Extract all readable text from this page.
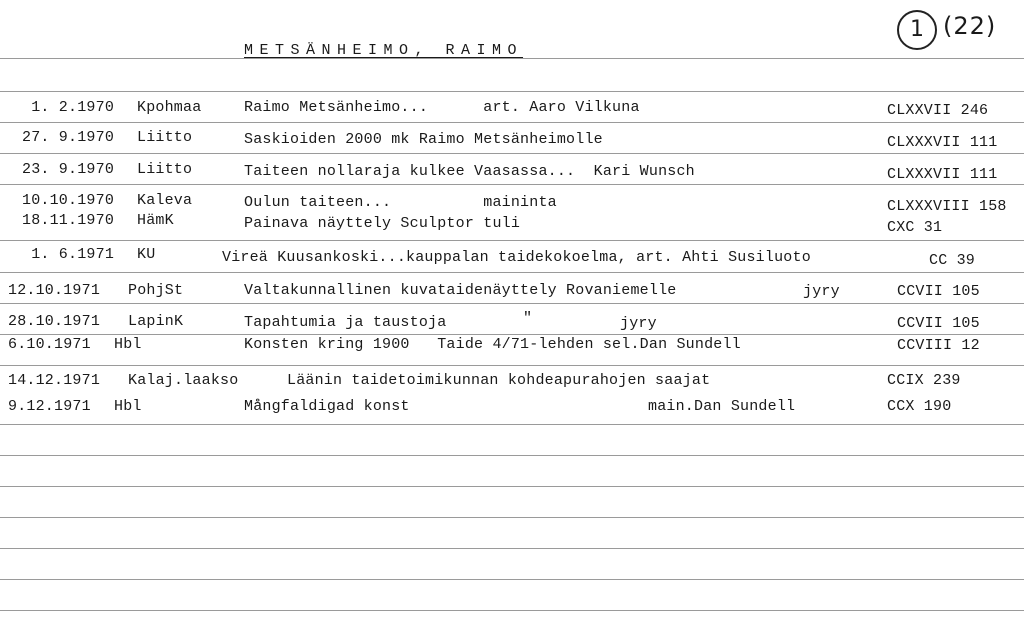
METSÄNHEIMO, RAIMO
1 (22)
1. 2.1970 Kpohmaa	Raimo Metsänheimo...      art. Aaro Vilkuna	CLXXVII 246
27. 9.1970 Liitto	Saskioiden 2000 mk Raimo Metsänheimolle	CLXXXVII 111
23. 9.1970 Liitto	Taiteen nollaraja kulkee Vaasassa...  Kari Wunsch	CLXXXVII 111
10.10.1970 Kaleva	Oulun taiteen...          maininta	CLXXXVIII 158
18.11.1970 HämK	Painava näyttely Sculptor tuli	CXC 31
1. 6.1971 KU	Vireä Kuusankoski...kauppalan taidekokoelma, art. Ahti Susiluoto	CC 39
12.10.1971 PohjSt	Valtakunnallinen kuvataidenäyttely Rovaniemelle	jyry	CCVII 105
28.10.1971 LapinK	Tapahtumia ja taustoja	"	jyry	CCVII 105
6.10.1971 Hbl	Konsten kring 1900   Taide 4/71-lehden sel.Dan Sundell	CCVIII 12
14.12.1971 Kalaj.laakso	Läänin taidetoimikunnan kohdeapurahojen saajat	CCIX 239
9.12.1971 Hbl	Mångfaldigad konst	main.Dan Sundell	CCX 190
